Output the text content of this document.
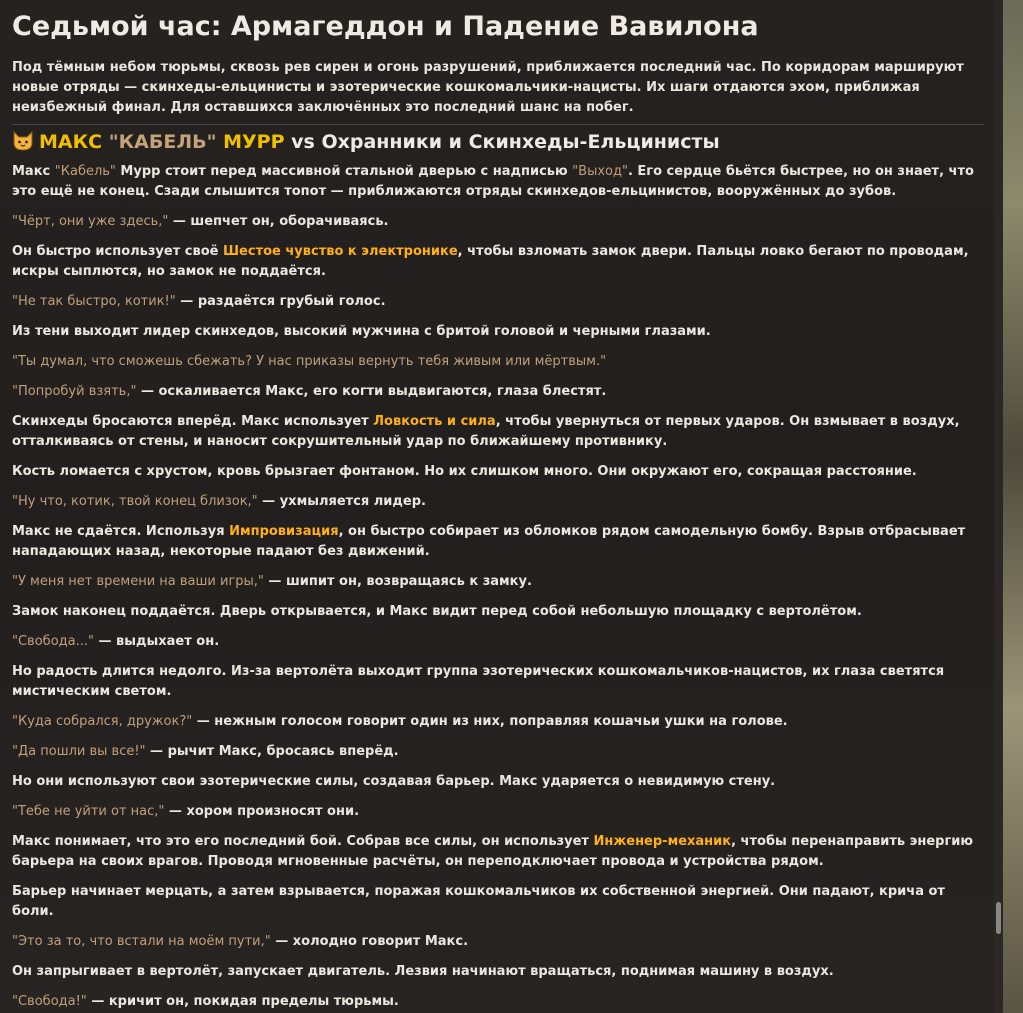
Седьмой час: Армагеддон и Падение Вавилона

Под тёмным небом тюрьмы, сквозь рев сирен и огонь разрушений, приближается последний час. По коридорам маршируют новые отряды — скинхеды-ельцинисты и эзотерические кошкомальчики-нацисты. Их шаги отдаются эхом, приближая неизбежный финал. Для оставшихся заключённых это последний шанс на побег.

МАКС "КАБЕЛЬ" МУРР vs Охранники и Скинхеды-Ельцинисты

Макс "Кабель" Мурр стоит перед массивной стальной дверью с надписью "Выход". Его сердце бьётся быстрее, но он знает, что это ещё не конец. Сзади слышится топот — приближаются отряды скинхедов-ельцинистов, вооружённых до зубов.

"Чёрт, они уже здесь," — шепчет он, оборачиваясь.

Он быстро использует своё Шестое чувство к электронике, чтобы взломать замок двери. Пальцы ловко бегают по проводам, искры сыплются, но замок не поддаётся.

"Не так быстро, котик!" — раздаётся грубый голос.

Из тени выходит лидер скинхедов, высокий мужчина с бритой головой и черными глазами.

"Ты думал, что сможешь сбежать? У нас приказы вернуть тебя живым или мёртвым."

"Попробуй взять," — оскаливается Макс, его когти выдвигаются, глаза блестят.

Скинхеды бросаются вперёд. Макс использует Ловкость и сила, чтобы увернуться от первых ударов. Он взмывает в воздух, отталкиваясь от стены, и наносит сокрушительный удар по ближайшему противнику.

Кость ломается с хрустом, кровь брызгает фонтаном. Но их слишком много. Они окружают его, сокращая расстояние.

"Ну что, котик, твой конец близок," — ухмыляется лидер.

Макс не сдаётся. Используя Импровизация, он быстро собирает из обломков рядом самодельную бомбу. Взрыв отбрасывает нападающих назад, некоторые падают без движений.

"У меня нет времени на ваши игры," — шипит он, возвращаясь к замку.

Замок наконец поддаётся. Дверь открывается, и Макс видит перед собой небольшую площадку с вертолётом.

"Свобода..." — выдыхает он.

Но радость длится недолго. Из-за вертолёта выходит группа эзотерических кошкомальчиков-нацистов, их глаза светятся мистическим светом.

"Куда собрался, дружок?" — нежным голосом говорит один из них, поправляя кошачьи ушки на голове.

"Да пошли вы все!" — рычит Макс, бросаясь вперёд.

Но они используют свои эзотерические силы, создавая барьер. Макс ударяется о невидимую стену.

"Тебе не уйти от нас," — хором произносят они.

Макс понимает, что это его последний бой. Собрав все силы, он использует Инженер-механик, чтобы перенаправить энергию барьера на своих врагов. Проводя мгновенные расчёты, он переподключает провода и устройства рядом.

Барьер начинает мерцать, а затем взрывается, поражая кошкомальчиков их собственной энергией. Они падают, крича от боли.

"Это за то, что встали на моём пути," — холодно говорит Макс.

Он запрыгивает в вертолёт, запускает двигатель. Лезвия начинают вращаться, поднимая машину в воздух.

"Свобода!" — кричит он, покидая пределы тюрьмы.
